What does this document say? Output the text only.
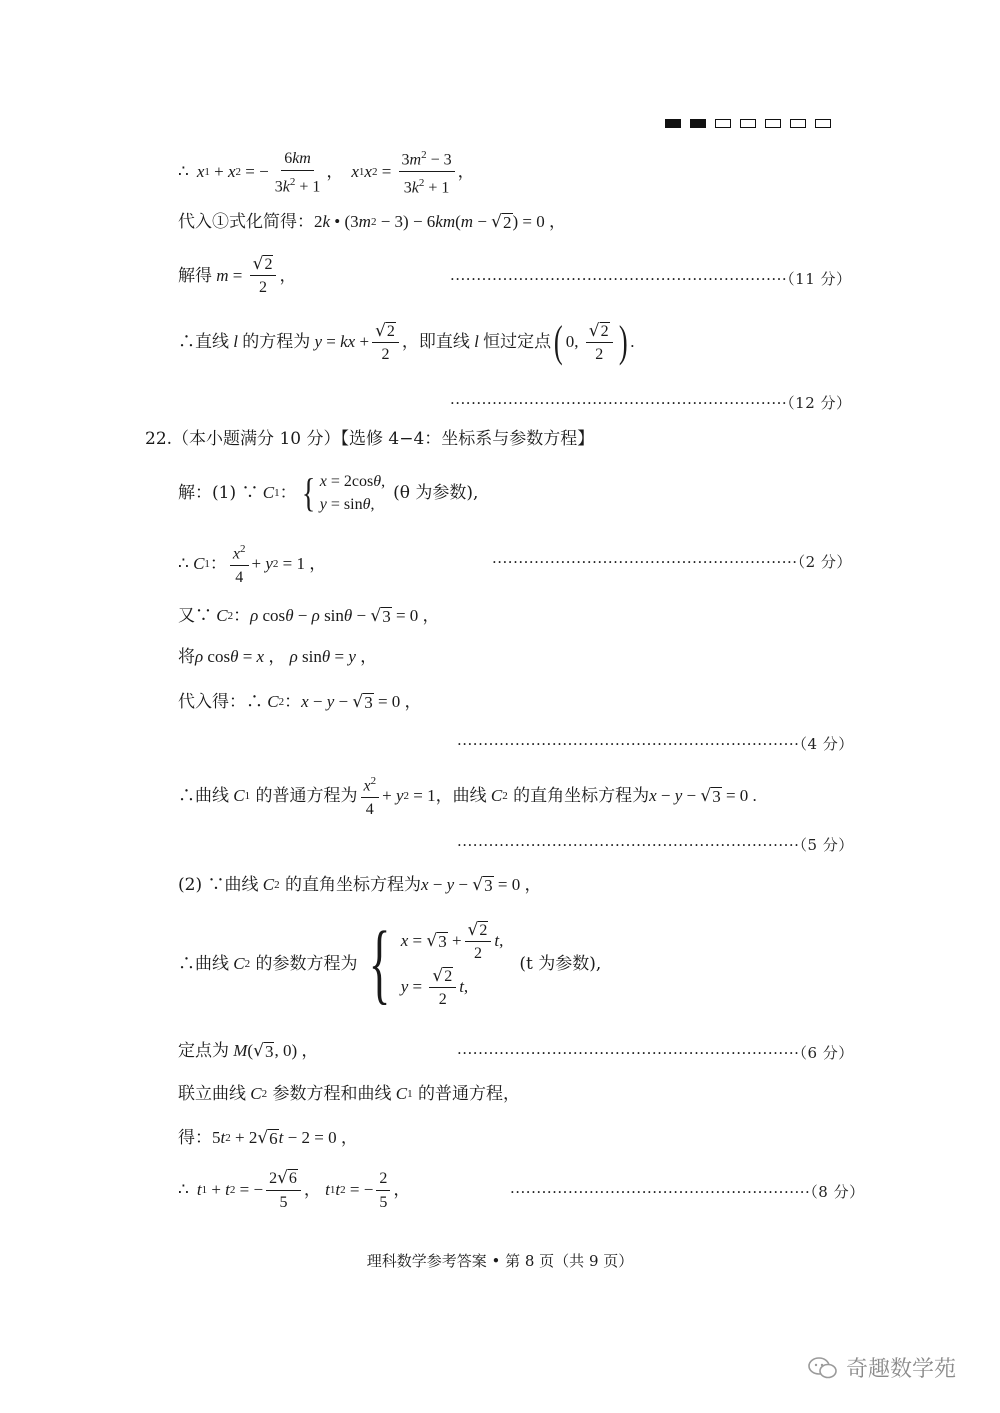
∴ x 1 + x 2 = − $\frac{6km}{3k^2 + 1}$ ， x 1 x $2 = \frac{3m^2 - 3}{3k^2 + 1}$ ，
代入①式化简得： 2 k • (3 m 2 − 3) − 6 km ( m − √ 2 ) = 0 ，
解得 $m = \frac{√ 2}{2}$ ，	································································（11 分）
∴直线 l 的方程为 y = kx + $\frac{√ 2}{2}$ ，即直线 l 恒过定点 ( 0, $\frac{√ 2}{2}$ ) .
································································（12 分）
22.（本小题满分 10 分）【选修 4−4：坐标系与参数方程】
解：(1) ∵ C 1 ： { x = 2cosθ,
y = sinθ,
(θ 为参数),
∴ C 1 ： $\frac{x^2}{4} + y$ 2 = 1 ，	··························································（2 分）
又∵ C 2 ： ρ cos θ − ρ sin θ − √ 3 = 0 ，
将 ρ cos θ = x ， ρ sin θ = y ，
代入得：∴ C 2 ： x − y − √ 3 = 0 ，
·································································（4 分）
∴曲线 C 1
的普通方程为 $\frac{x^2}{4} + y$ 2 = 1 ，曲线 C 2
的直角坐标方程为 x − y − √ 3 = 0 .
·································································（5 分）
(2) ∵曲线 C 2
的直角坐标方程为 x − y − √ 3 = 0 ，
∴曲线 C 2
的参数方程为 { x = √ $3 + \frac{√ 2}{2}$ t ,
$y = \frac{√ 2}{2}$ t ,
(t 为参数),
定点为 M ( √ 3 , 0) ，	·································································（6 分）
联立曲线 C 2
参数方程和曲线 C 1
的普通方程，
得： 5 t 2 + 2 √ 6 t − 2 = 0 ，
∴ t 1 + t 2 = − $\frac{2 √ 6}{5}$ ， t 1 t 2 = − $\frac{2}{5}$ ，	·························································（8 分）
理科数学参考答案 • 第 8 页（共 9 页）
奇趣数学苑
